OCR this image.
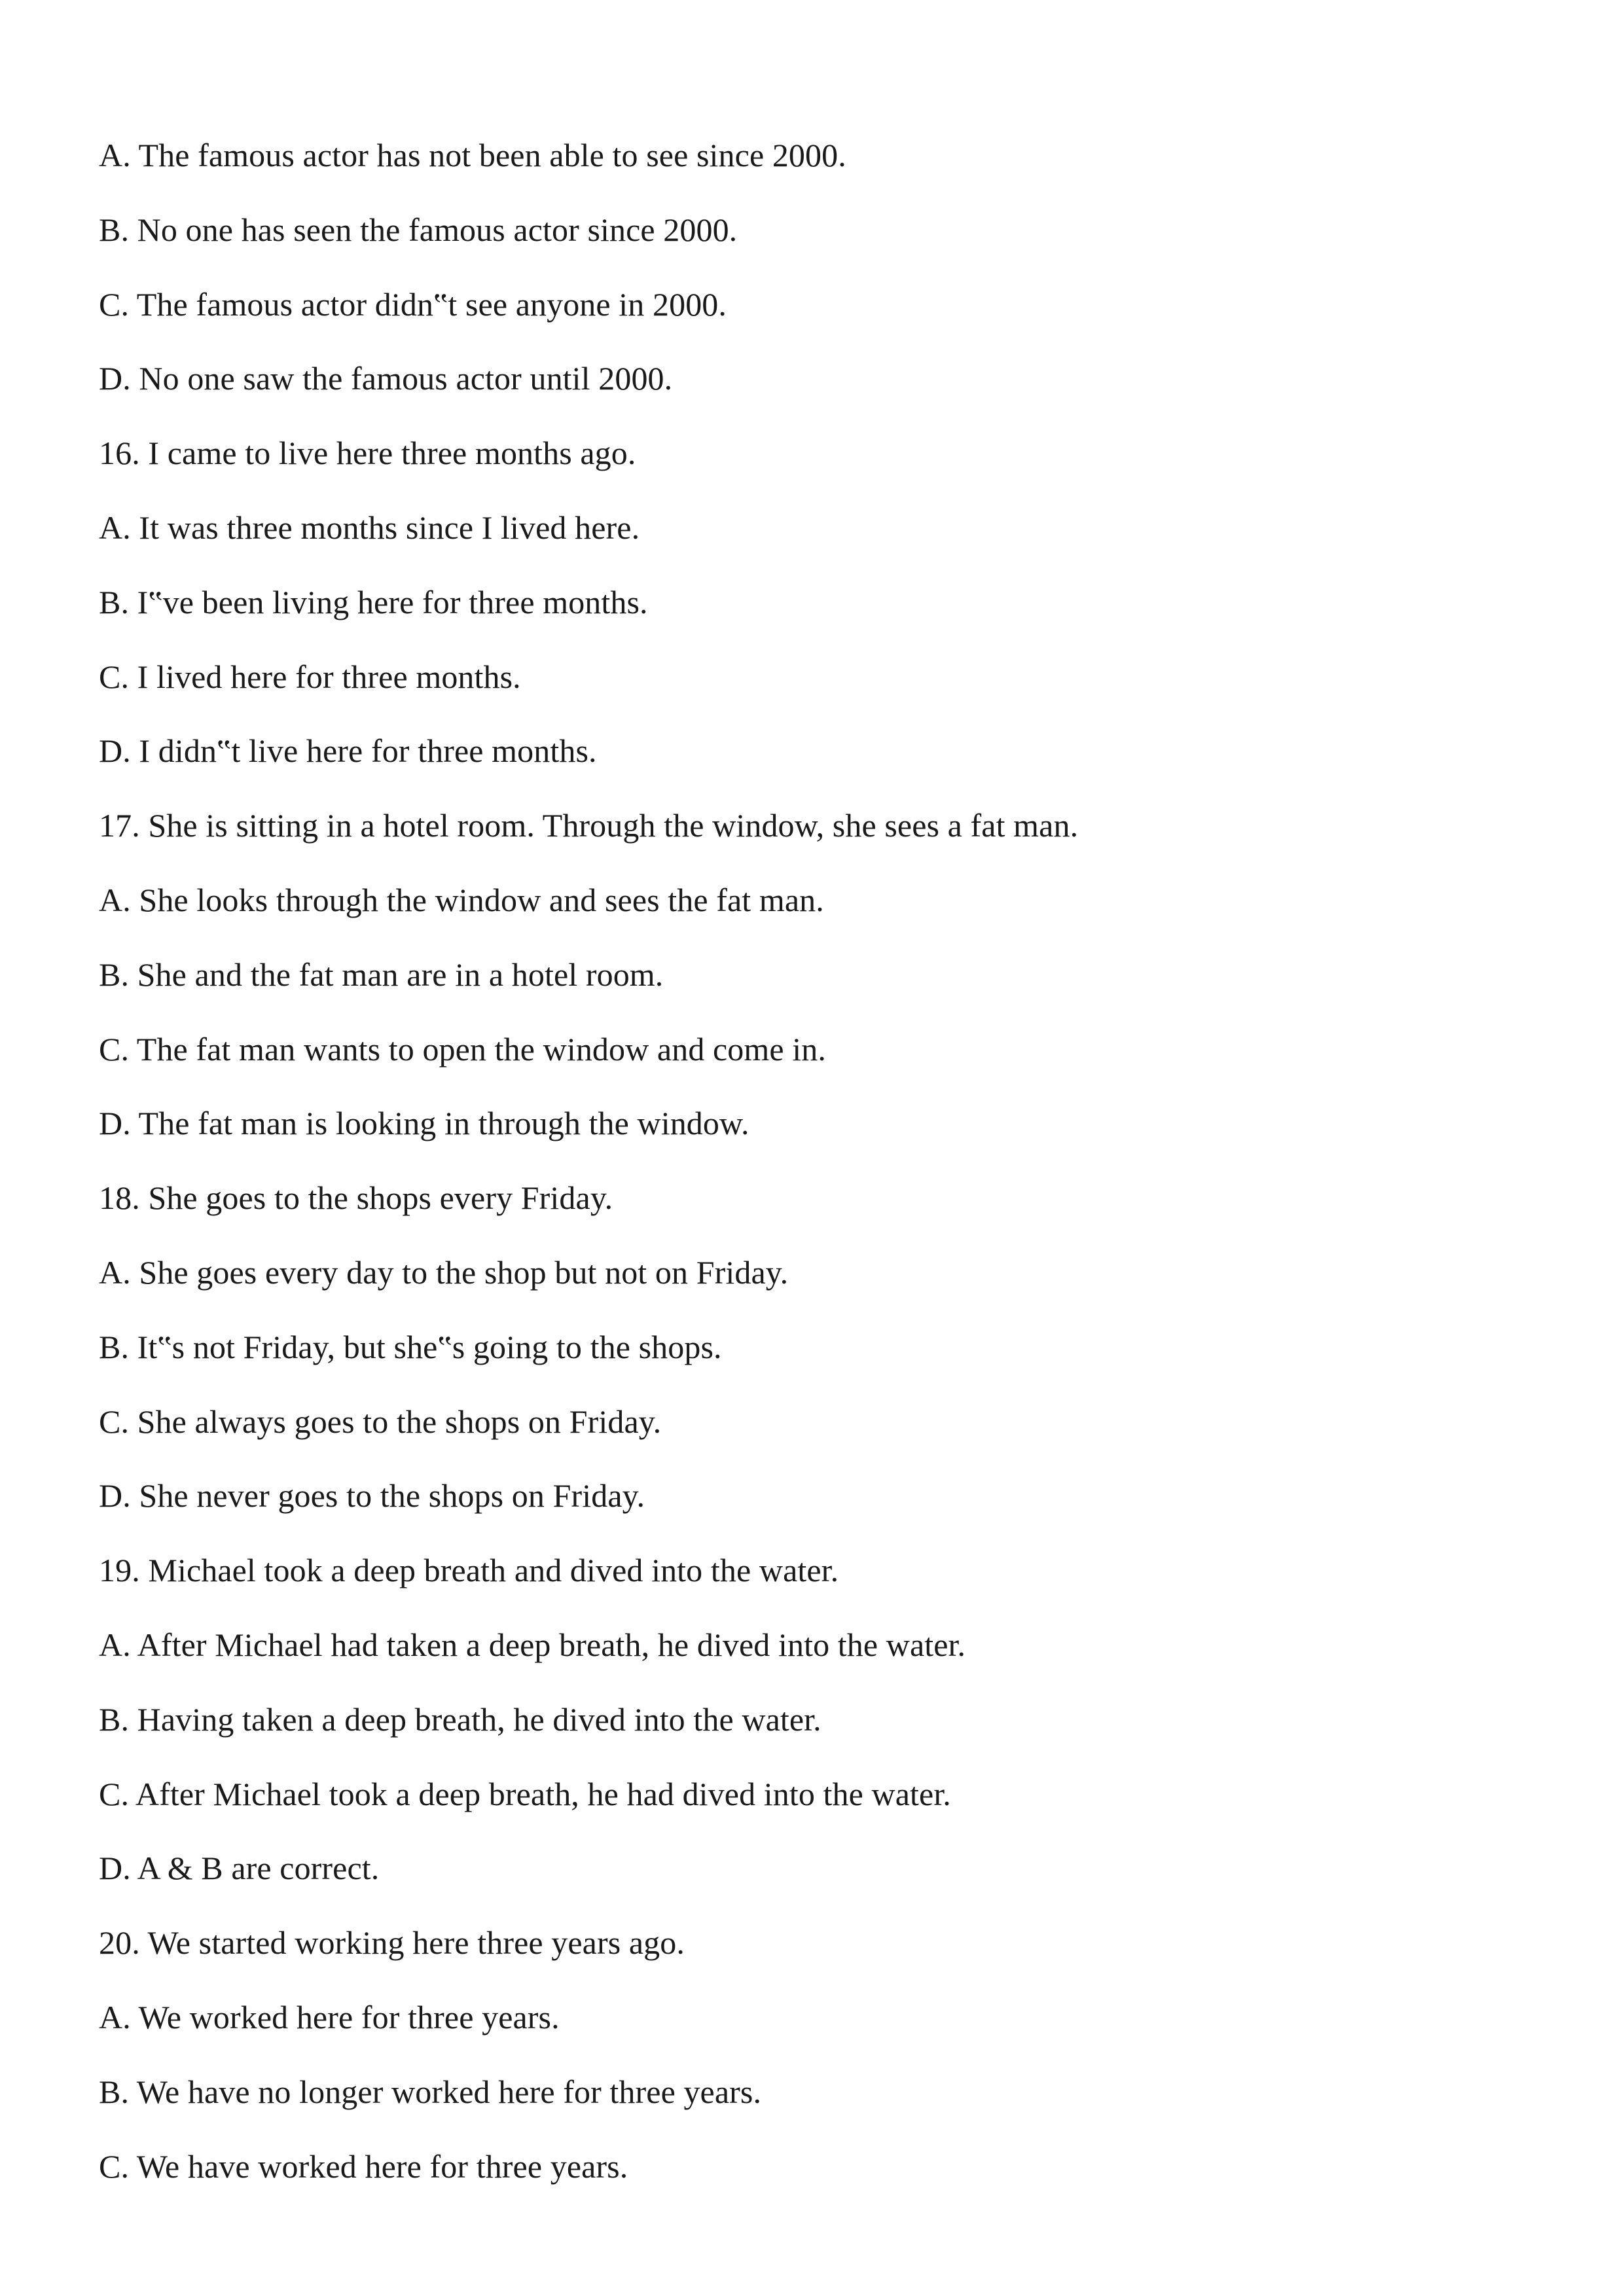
A. The famous actor has not been able to see since 2000.
B. No one has seen the famous actor since 2000.
C. The famous actor didn‟t see anyone in 2000.
D. No one saw the famous actor until 2000.
16. I came to live here three months ago.
A. It was three months since I lived here.
B. I‟ve been living here for three months.
C. I lived here for three months.
D. I didn‟t live here for three months.
17. She is sitting in a hotel room. Through the window, she sees a fat man.
A. She looks through the window and sees the fat man.
B. She and the fat man are in a hotel room.
C. The fat man wants to open the window and come in.
D. The fat man is looking in through the window.
18. She goes to the shops every Friday.
A. She goes every day to the shop but not on Friday.
B. It‟s not Friday, but she‟s going to the shops.
C. She always goes to the shops on Friday.
D. She never goes to the shops on Friday.
19. Michael took a deep breath and dived into the water.
A. After Michael had taken a deep breath, he dived into the water.
B. Having taken a deep breath, he dived into the water.
C. After Michael took a deep breath, he had dived into the water.
D. A & B are correct.
20. We started working here three years ago.
A. We worked here for three years.
B. We have no longer worked here for three years.
C. We have worked here for three years.
